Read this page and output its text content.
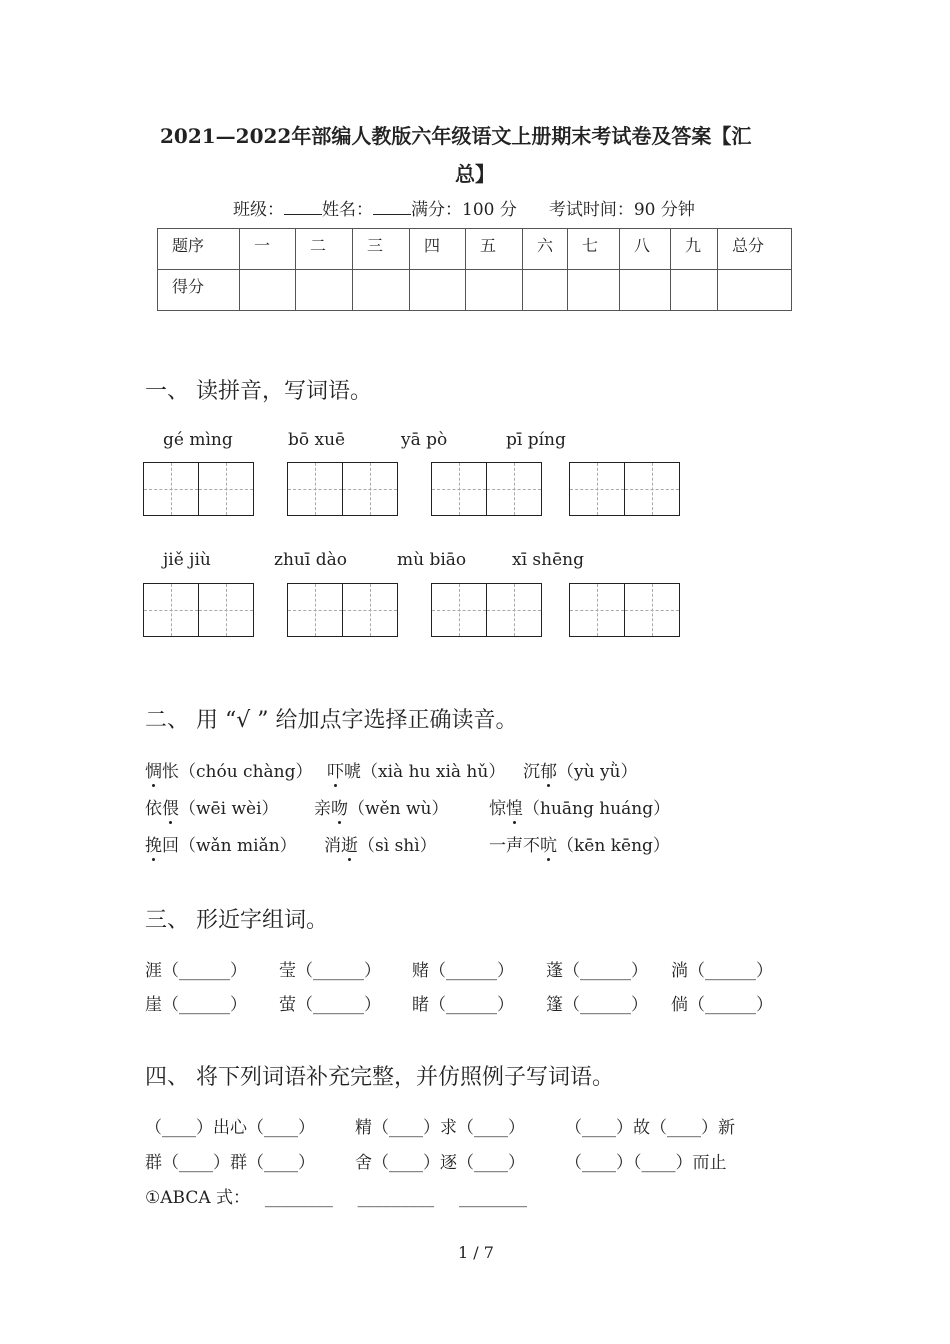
2021—2022年部编人教版六年级语文上册期末考试卷及答案【汇
总】
班级： 姓名： 满分：100 分 考试时间：90 分钟
题序	一	二	三	四	五	六	七	八	九	总分
得分										
一、 读拼音，写词语。
gé mìng	bō xuē	yā pò	pī píng
jiě jiù	zhuī dào	mù biāo	xī shēng
二、 用 “√ ” 给加点字选择正确读音。
惆怅（chóu chàng） 吓唬（xià hu xià hǔ） 沉郁（yù yǜ）
依偎（wēi wèi） 亲吻（wěn wù） 惊惶（huāng huáng）
挽回（wǎn miǎn） 消逝（sì shì）	一声不吭（kēn kēng）
三、 形近字组词。
涯（______） 莹（______） 赌（______） 蓬（______） 淌（______）
崖（______） 萤（______） 睹（______） 篷（______） 倘（______）
四、 将下列词语补充完整，并仿照例子写词语。
（____）出心（____） 精（____）求（____） （____）故（____）新
群（____）群（____） 舍（____）逐（____） （____）（____）而止
①ABCA 式： ________ _________ ________
1 / 7
